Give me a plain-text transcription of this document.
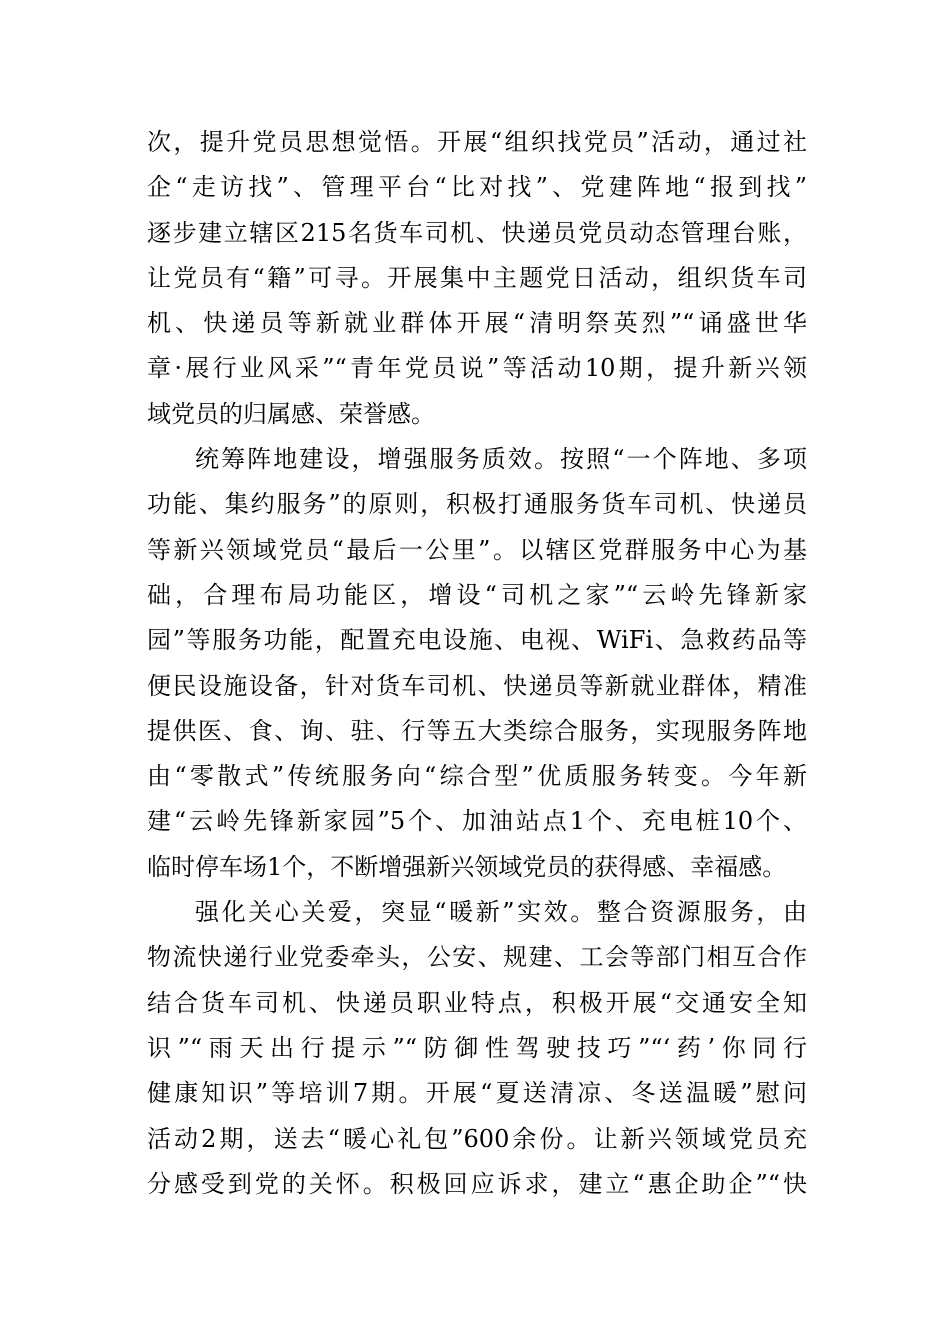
次，提升党员思想觉悟。开展“组织找党员”活动，通过社
企“走访找”、管理平台“比对找”、党建阵地“报到找”
逐步建立辖区215名货车司机、快递员党员动态管理台账，
让党员有“籍”可寻。开展集中主题党日活动，组织货车司
机、快递员等新就业群体开展“清明祭英烈”“诵盛世华
章·展行业风采”“青年党员说”等活动10期，提升新兴领
域党员的归属感、荣誉感。
统筹阵地建设，增强服务质效。按照“一个阵地、多项
功能、集约服务”的原则，积极打通服务货车司机、快递员
等新兴领域党员“最后一公里”。以辖区党群服务中心为基
础，合理布局功能区，增设“司机之家”“云岭先锋新家
园”等服务功能，配置充电设施、电视、WiFi、急救药品等
便民设施设备，针对货车司机、快递员等新就业群体，精准
提供医、食、询、驻、行等五大类综合服务，实现服务阵地
由“零散式”传统服务向“综合型”优质服务转变。今年新
建“云岭先锋新家园”5个、加油站点1个、充电桩10个、
临时停车场1个，不断增强新兴领域党员的获得感、幸福感。
强化关心关爱，突显“暖新”实效。整合资源服务，由
物流快递行业党委牵头，公安、规建、工会等部门相互合作
结合货车司机、快递员职业特点，积极开展“交通安全知
识”“雨天出行提示”“防御性驾驶技巧”“‘药’你同行
健康知识”等培训7期。开展“夏送清凉、冬送温暖”慰问
活动2期，送去“暖心礼包”600余份。让新兴领域党员充
分感受到党的关怀。积极回应诉求，建立“惠企助企”“快
